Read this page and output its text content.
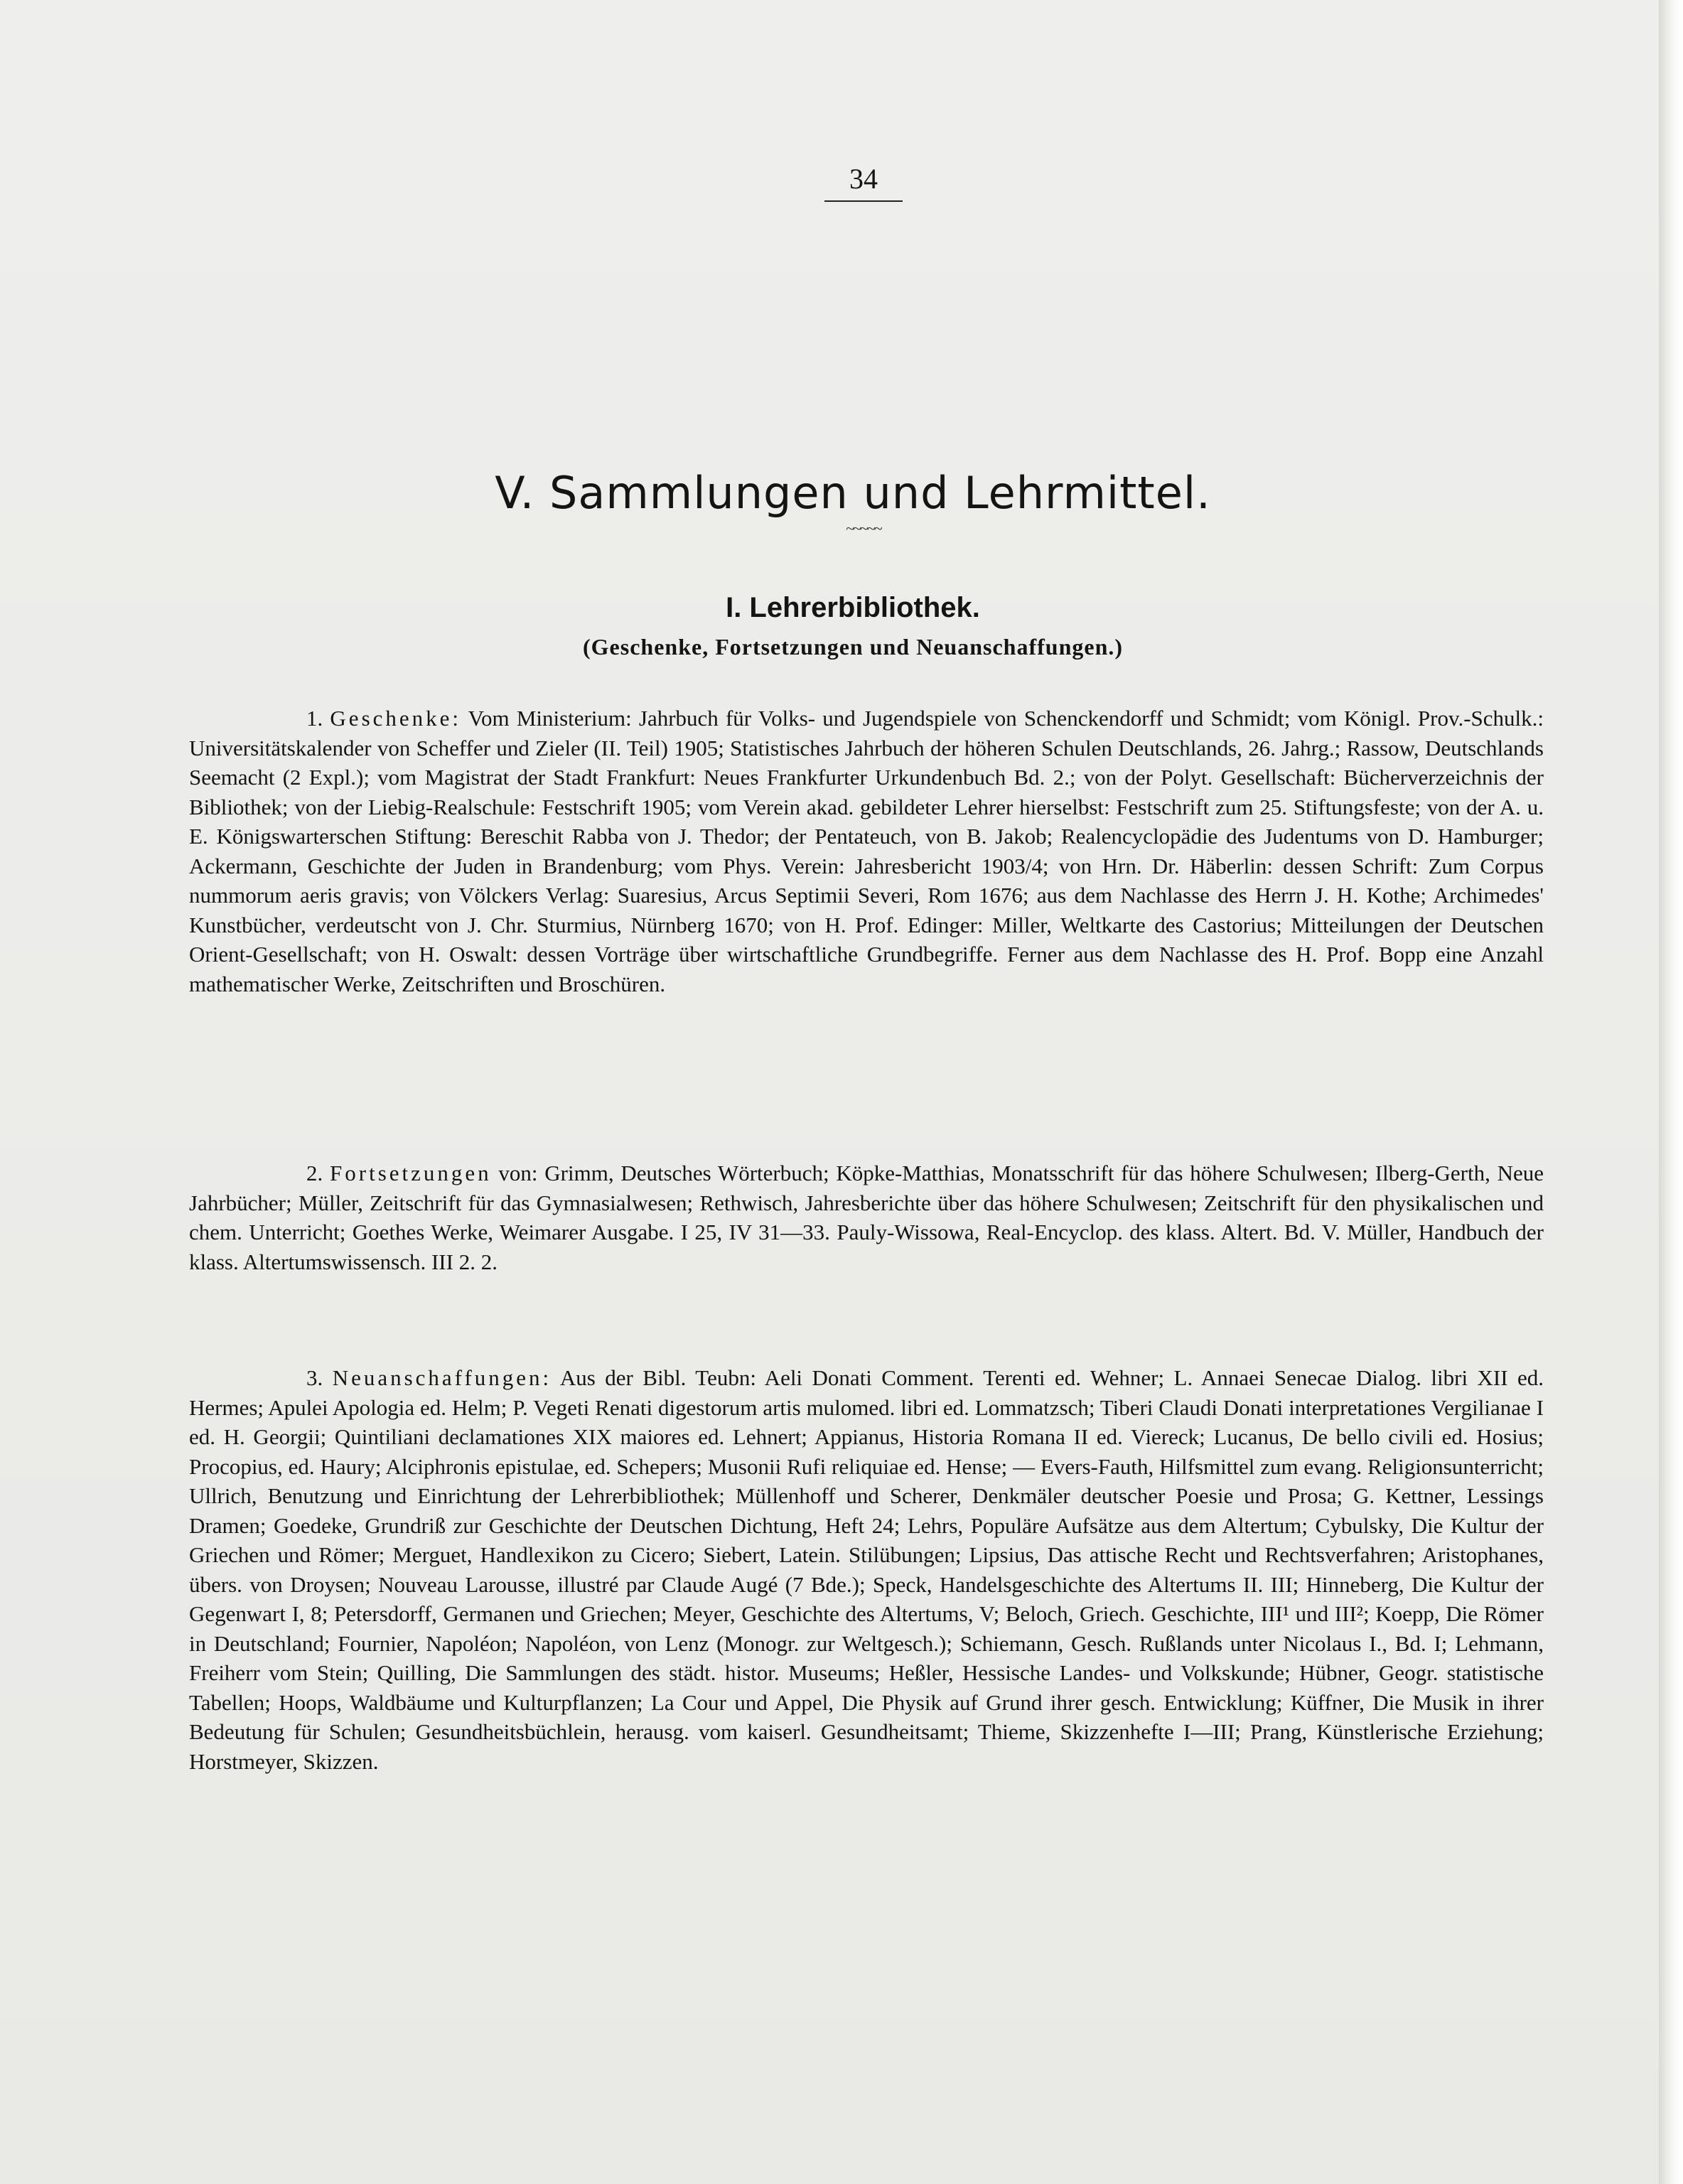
34
V. Sammlungen und Lehrmittel.
~~~~~
I. Lehrerbibliothek.
(Geschenke, Fortsetzungen und Neuanschaffungen.)

1. Geschenke: Vom Ministerium: Jahrbuch für Volks- und Jugendspiele von Schenckendorff und Schmidt; vom Königl. Prov.-Schulk.: Universitätskalender von Scheffer und Zieler (II. Teil) 1905; Statistisches Jahrbuch der höheren Schulen Deutschlands, 26. Jahrg.; Rassow, Deutschlands Seemacht (2 Expl.); vom Magistrat der Stadt Frankfurt: Neues Frankfurter Urkundenbuch Bd. 2.; von der Polyt. Gesellschaft: Bücherverzeichnis der Bibliothek; von der Liebig-Realschule: Festschrift 1905; vom Verein akad. gebildeter Lehrer hierselbst: Festschrift zum 25. Stiftungsfeste; von der A. u. E. Königswarterschen Stiftung: Bereschit Rabba von J. Thedor; der Pentateuch, von B. Jakob; Realencyclopädie des Judentums von D. Hamburger; Ackermann, Geschichte der Juden in Brandenburg; vom Phys. Verein: Jahresbericht 1903/4; von Hrn. Dr. Häberlin: dessen Schrift: Zum Corpus nummorum aeris gravis; von Völckers Verlag: Suaresius, Arcus Septimii Severi, Rom 1676; aus dem Nachlasse des Herrn J. H. Kothe; Archimedes' Kunstbücher, verdeutscht von J. Chr. Sturmius, Nürnberg 1670; von H. Prof. Edinger: Miller, Weltkarte des Castorius; Mitteilungen der Deutschen Orient-Gesellschaft; von H. Oswalt: dessen Vorträge über wirtschaftliche Grundbegriffe. Ferner aus dem Nachlasse des H. Prof. Bopp eine Anzahl mathematischer Werke, Zeitschriften und Broschüren.

2. Fortsetzungen von: Grimm, Deutsches Wörterbuch; Köpke-Matthias, Monatsschrift für das höhere Schulwesen; Ilberg-Gerth, Neue Jahrbücher; Müller, Zeitschrift für das Gymnasialwesen; Rethwisch, Jahresberichte über das höhere Schulwesen; Zeitschrift für den physikalischen und chem. Unterricht; Goethes Werke, Weimarer Ausgabe. I 25, IV 31—33. Pauly-Wissowa, Real-Encyclop. des klass. Altert. Bd. V. Müller, Handbuch der klass. Altertumswissensch. III 2. 2.

3. Neuanschaffungen: Aus der Bibl. Teubn: Aeli Donati Comment. Terenti ed. Wehner; L. Annaei Senecae Dialog. libri XII ed. Hermes; Apulei Apologia ed. Helm; P. Vegeti Renati digestorum artis mulomed. libri ed. Lommatzsch; Tiberi Claudi Donati interpretationes Vergilianae I ed. H. Georgii; Quintiliani declamationes XIX maiores ed. Lehnert; Appianus, Historia Romana II ed. Viereck; Lucanus, De bello civili ed. Hosius; Procopius, ed. Haury; Alciphronis epistulae, ed. Schepers; Musonii Rufi reliquiae ed. Hense; — Evers-Fauth, Hilfsmittel zum evang. Religionsunterricht; Ullrich, Benutzung und Einrichtung der Lehrerbibliothek; Müllenhoff und Scherer, Denkmäler deutscher Poesie und Prosa; G. Kettner, Lessings Dramen; Goedeke, Grundriß zur Geschichte der Deutschen Dichtung, Heft 24; Lehrs, Populäre Aufsätze aus dem Altertum; Cybulsky, Die Kultur der Griechen und Römer; Merguet, Handlexikon zu Cicero; Siebert, Latein. Stilübungen; Lipsius, Das attische Recht und Rechtsverfahren; Aristophanes, übers. von Droysen; Nouveau Larousse, illustré par Claude Augé (7 Bde.); Speck, Handelsgeschichte des Altertums II. III; Hinneberg, Die Kultur der Gegenwart I, 8; Petersdorff, Germanen und Griechen; Meyer, Geschichte des Altertums, V; Beloch, Griech. Geschichte, III¹ und III²; Koepp, Die Römer in Deutschland; Fournier, Napoléon; Napoléon, von Lenz (Monogr. zur Weltgesch.); Schiemann, Gesch. Rußlands unter Nicolaus I., Bd. I; Lehmann, Freiherr vom Stein; Quilling, Die Sammlungen des städt. histor. Museums; Heßler, Hessische Landes- und Volkskunde; Hübner, Geogr. statistische Tabellen; Hoops, Waldbäume und Kulturpflanzen; La Cour und Appel, Die Physik auf Grund ihrer gesch. Entwicklung; Küffner, Die Musik in ihrer Bedeutung für Schulen; Gesundheitsbüchlein, herausg. vom kaiserl. Gesundheitsamt; Thieme, Skizzenhefte I—III; Prang, Künstlerische Erziehung; Horstmeyer, Skizzen.
